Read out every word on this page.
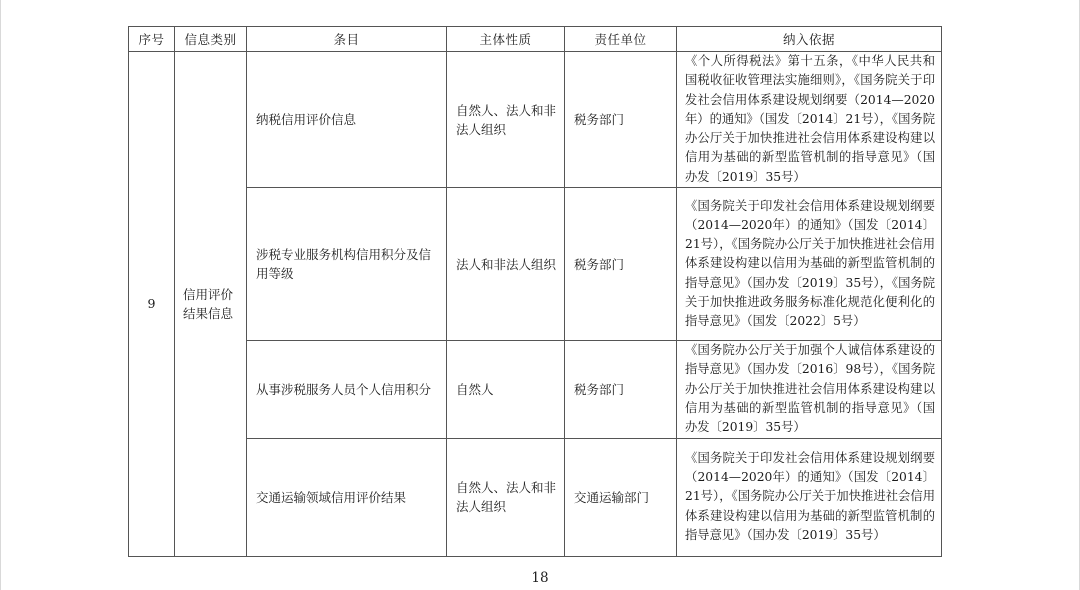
序号	信息类别	条目	主体性质	责任单位	纳入依据
9	信用评价结果信息	纳税信用评价信息	自然人、法人和非法人组织	税务部门	《个人所得税法》第十五条，《中华人民共和国税收征收管理法实施细则》，《国务院关于印发社会信用体系建设规划纲要（2014—2020年）的通知》（国发〔2014〕21号），《国务院办公厅关于加快推进社会信用体系建设构建以信用为基础的新型监管机制的指导意见》（国办发〔2019〕35号）

		涉税专业服务机构信用积分及信用等级	法人和非法人组织	税务部门	《国务院关于印发社会信用体系建设规划纲要（2014—2020年）的通知》（国发〔2014〕21号），《国务院办公厅关于加快推进社会信用体系建设构建以信用为基础的新型监管机制的指导意见》（国办发〔2019〕35号），《国务院关于加快推进政务服务标准化规范化便利化的指导意见》（国发〔2022〕5号）

		从事涉税服务人员个人信用积分	自然人	税务部门	《国务院办公厅关于加强个人诚信体系建设的指导意见》（国办发〔2016〕98号），《国务院办公厅关于加快推进社会信用体系建设构建以信用为基础的新型监管机制的指导意见》（国办发〔2019〕35号）

		交通运输领域信用评价结果	自然人、法人和非法人组织	交通运输部门	《国务院关于印发社会信用体系建设规划纲要（2014—2020年）的通知》（国发〔2014〕21号），《国务院办公厅关于加快推进社会信用体系建设构建以信用为基础的新型监管机制的指导意见》（国办发〔2019〕35号）
18
